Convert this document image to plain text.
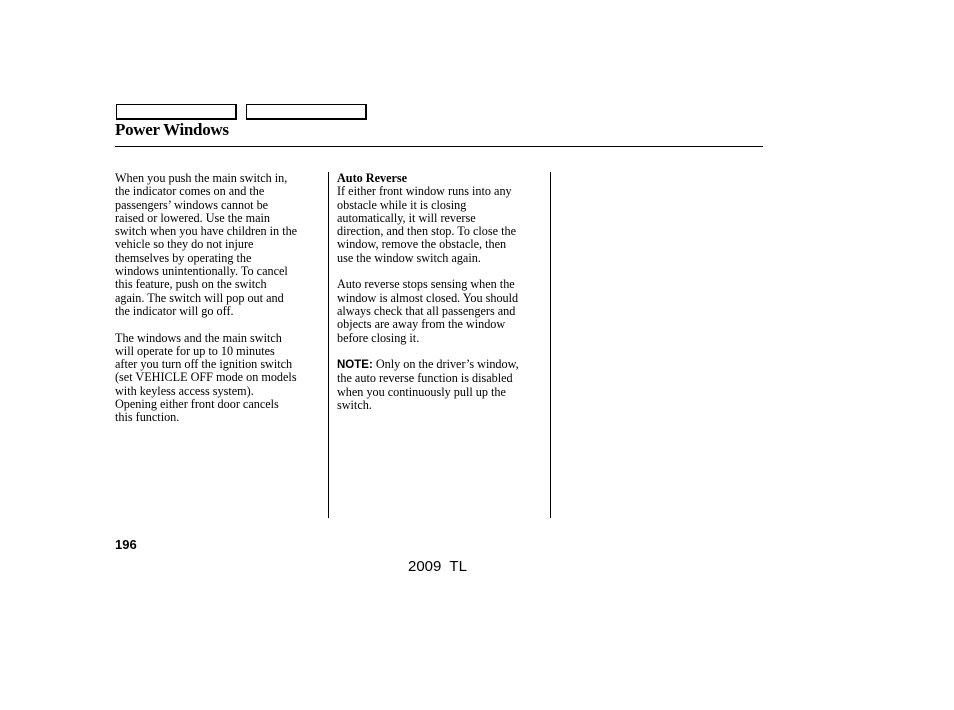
Power Windows

When you push the main switch in,
the indicator comes on and the
passengers’ windows cannot be
raised or lowered. Use the main
switch when you have children in the
vehicle so they do not injure
themselves by operating the
windows unintentionally. To cancel
this feature, push on the switch
again. The switch will pop out and
the indicator will go off.

The windows and the main switch
will operate for up to 10 minutes
after you turn off the ignition switch
(set VEHICLE OFF mode on models
with keyless access system).
Opening either front door cancels
this function.

Auto Reverse
If either front window runs into any
obstacle while it is closing
automatically, it will reverse
direction, and then stop. To close the
window, remove the obstacle, then
use the window switch again.

Auto reverse stops sensing when the
window is almost closed. You should
always check that all passengers and
objects are away from the window
before closing it.

NOTE: Only on the driver’s window,
the auto reverse function is disabled
when you continuously pull up the
switch.

196
2009  TL
